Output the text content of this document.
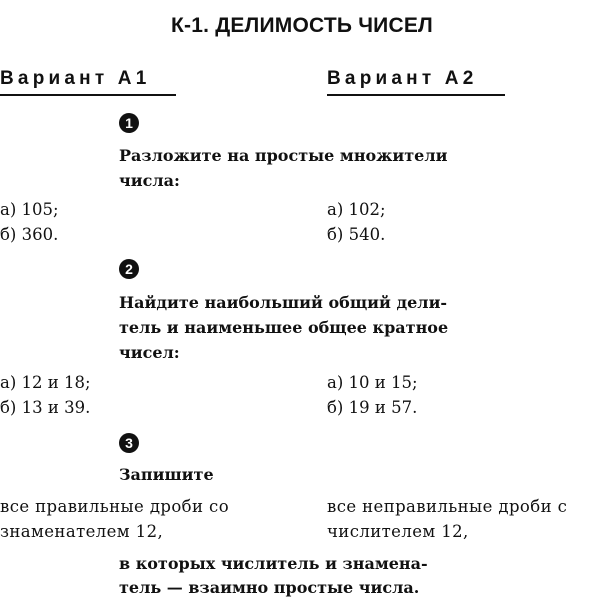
К-1. ДЕЛИМОСТЬ ЧИСЕЛ
Вариант А1	Вариант А2
1
Разложите на простые множители
числа:
а) 105;
б) 360.
а) 102;
б) 540.
2
Найдите наибольший общий дели-
тель и наименьшее общее кратное
чисел:
а) 12 и 18;
б) 13 и 39.
а) 10 и 15;
б) 19 и 57.
3
Запишите
все правильные дроби со
знаменателем 12,
все неправильные дроби с
числителем 12,
в которых числитель и знамена-
тель — взаимно простые числа.
